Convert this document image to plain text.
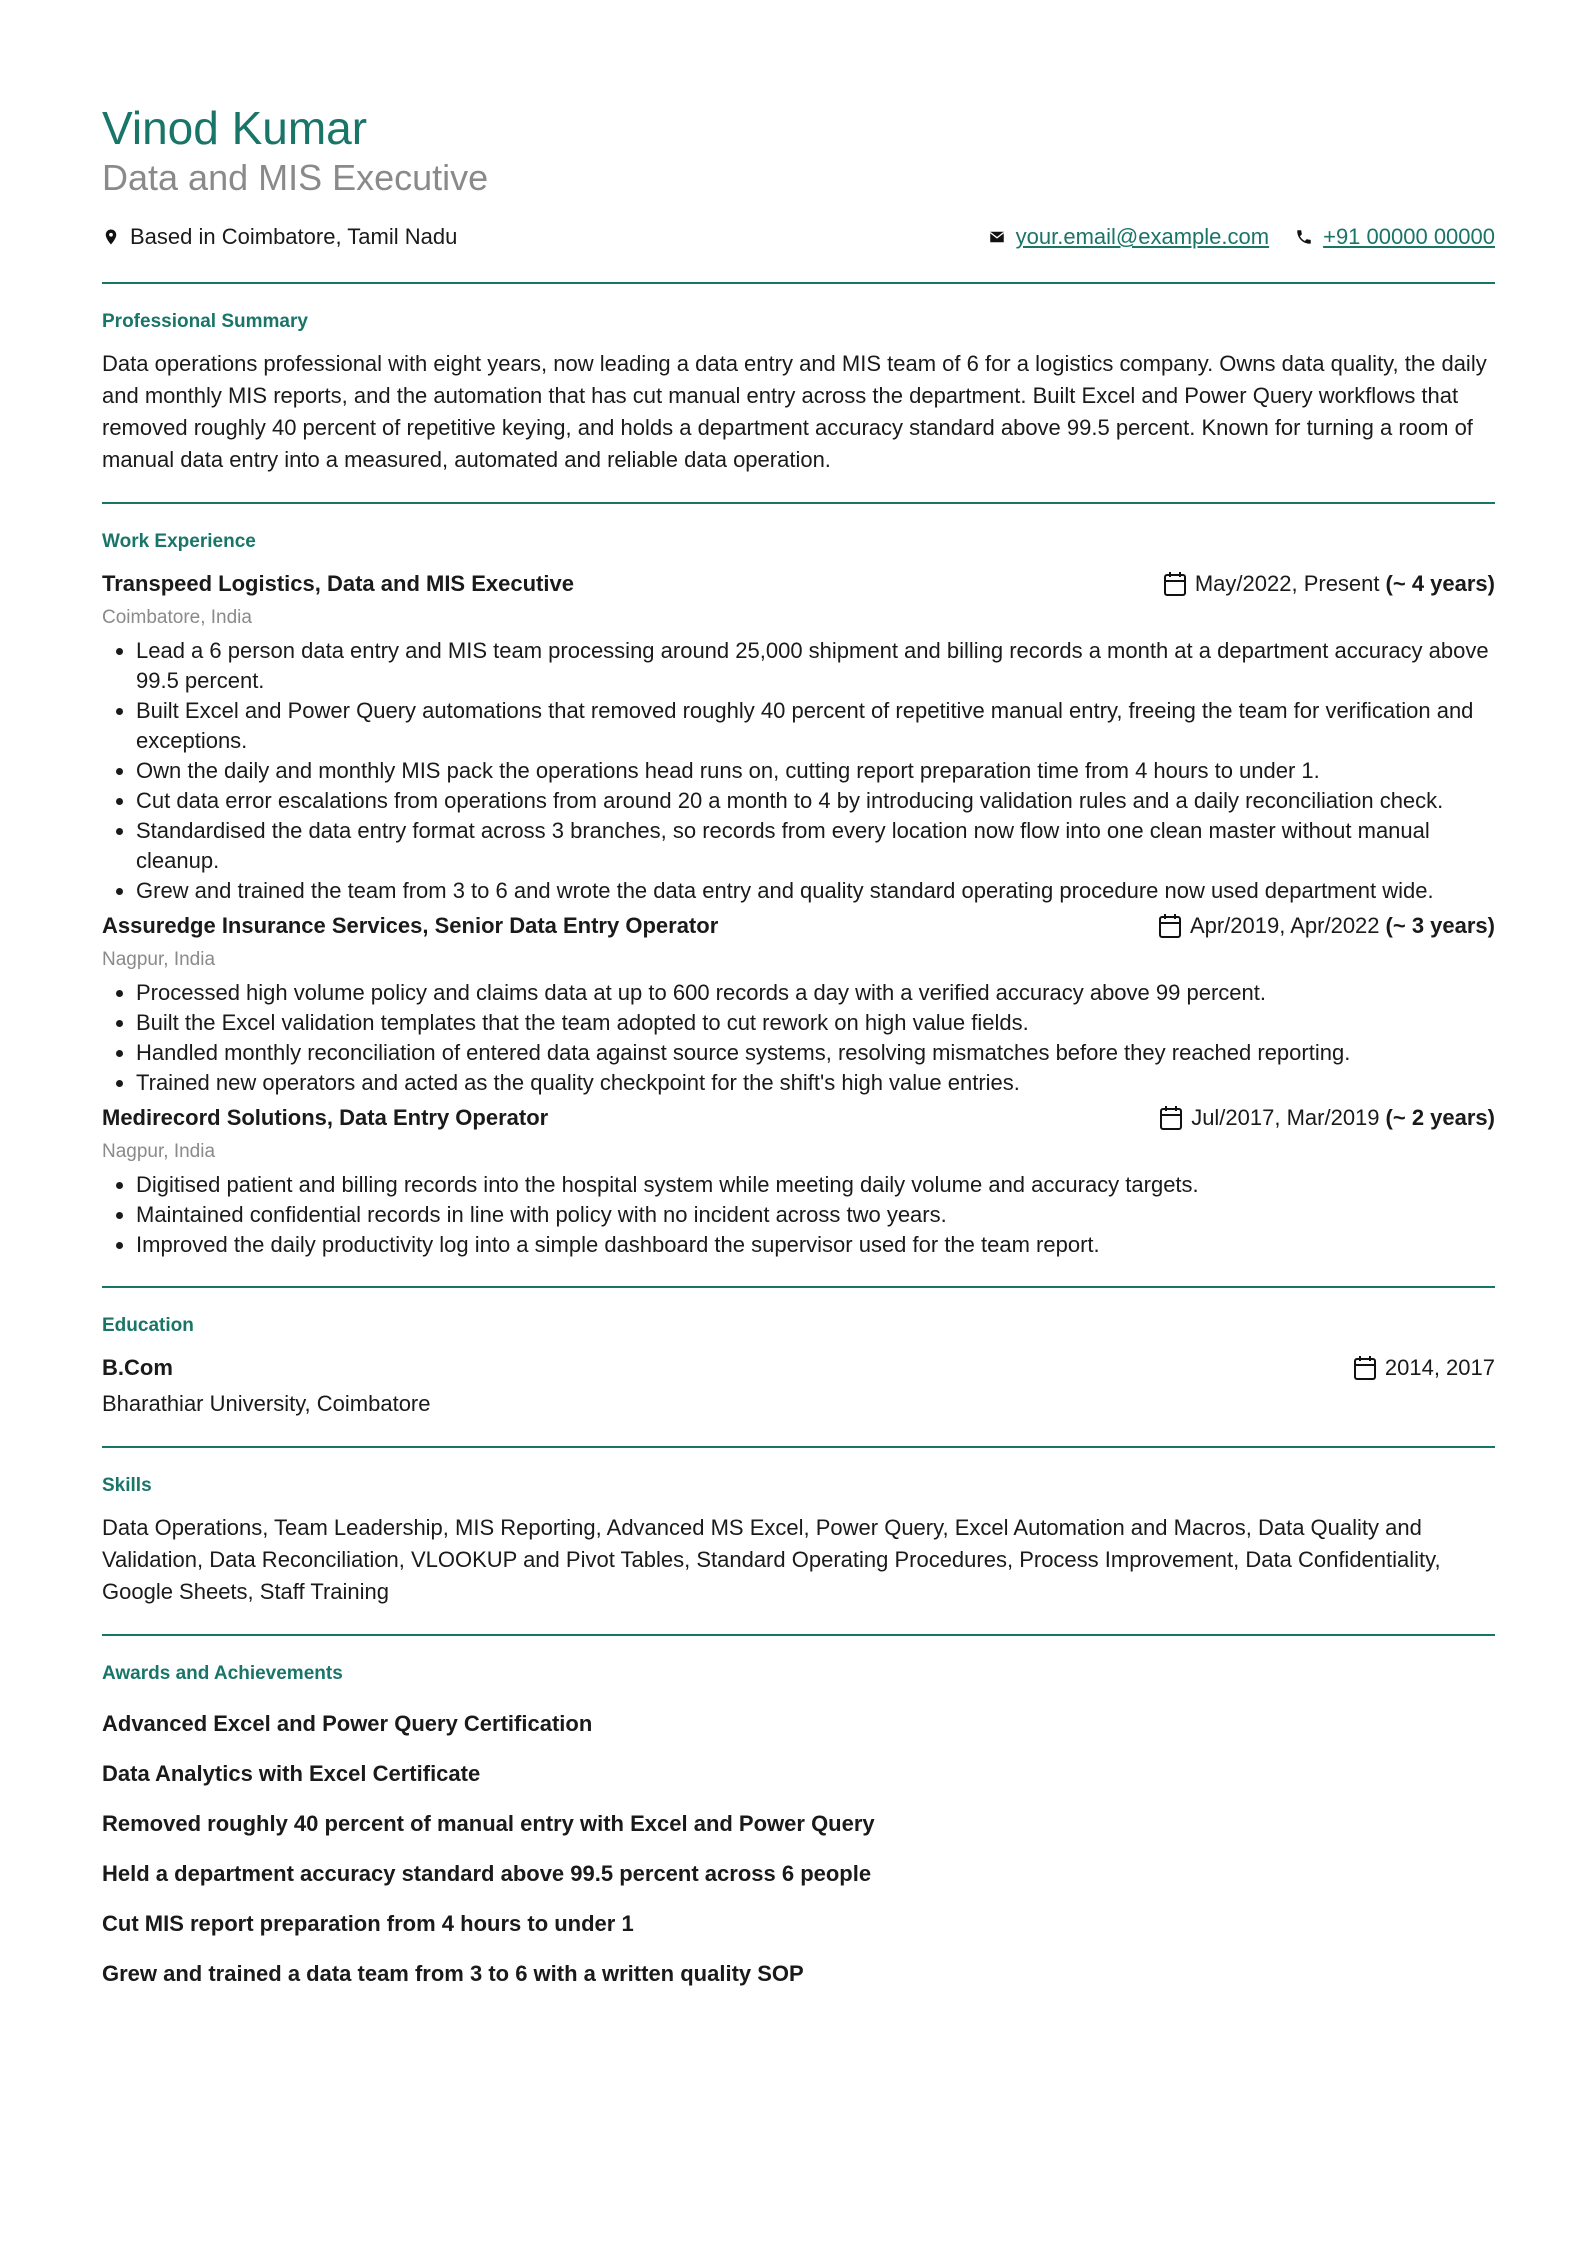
Vinod Kumar
Data and MIS Executive
Based in Coimbatore, Tamil Nadu	your.email@example.com +91 00000 00000
Professional Summary

Data operations professional with eight years, now leading a data entry and MIS team of 6 for a logistics company. Owns data quality, the daily and monthly MIS reports, and the automation that has cut manual entry across the department. Built Excel and Power Query workflows that removed roughly 40 percent of repetitive keying, and holds a department accuracy standard above 99.5 percent. Known for turning a room of manual data entry into a measured, automated and reliable data operation.

Work Experience
Transpeed Logistics, Data and MIS Executive	May/2022, Present (~ 4 years)
Coimbatore, India
• Lead a 6 person data entry and MIS team processing around 25,000 shipment and billing records a month at a department accuracy above 99.5 percent.
• Built Excel and Power Query automations that removed roughly 40 percent of repetitive manual entry, freeing the team for verification and exceptions.
• Own the daily and monthly MIS pack the operations head runs on, cutting report preparation time from 4 hours to under 1.
• Cut data error escalations from operations from around 20 a month to 4 by introducing validation rules and a daily reconciliation check.
• Standardised the data entry format across 3 branches, so records from every location now flow into one clean master without manual cleanup.
• Grew and trained the team from 3 to 6 and wrote the data entry and quality standard operating procedure now used department wide.
Assuredge Insurance Services, Senior Data Entry Operator	Apr/2019, Apr/2022 (~ 3 years)
Nagpur, India
• Processed high volume policy and claims data at up to 600 records a day with a verified accuracy above 99 percent.
• Built the Excel validation templates that the team adopted to cut rework on high value fields.
• Handled monthly reconciliation of entered data against source systems, resolving mismatches before they reached reporting.
• Trained new operators and acted as the quality checkpoint for the shift's high value entries.
Medirecord Solutions, Data Entry Operator	Jul/2017, Mar/2019 (~ 2 years)
Nagpur, India
• Digitised patient and billing records into the hospital system while meeting daily volume and accuracy targets.
• Maintained confidential records in line with policy with no incident across two years.
• Improved the daily productivity log into a simple dashboard the supervisor used for the team report.
Education
B.Com	2014, 2017
Bharathiar University, Coimbatore
Skills

Data Operations, Team Leadership, MIS Reporting, Advanced MS Excel, Power Query, Excel Automation and Macros, Data Quality and Validation, Data Reconciliation, VLOOKUP and Pivot Tables, Standard Operating Procedures, Process Improvement, Data Confidentiality, Google Sheets, Staff Training

Awards and Achievements

Advanced Excel and Power Query Certification

Data Analytics with Excel Certificate

Removed roughly 40 percent of manual entry with Excel and Power Query

Held a department accuracy standard above 99.5 percent across 6 people

Cut MIS report preparation from 4 hours to under 1

Grew and trained a data team from 3 to 6 with a written quality SOP
